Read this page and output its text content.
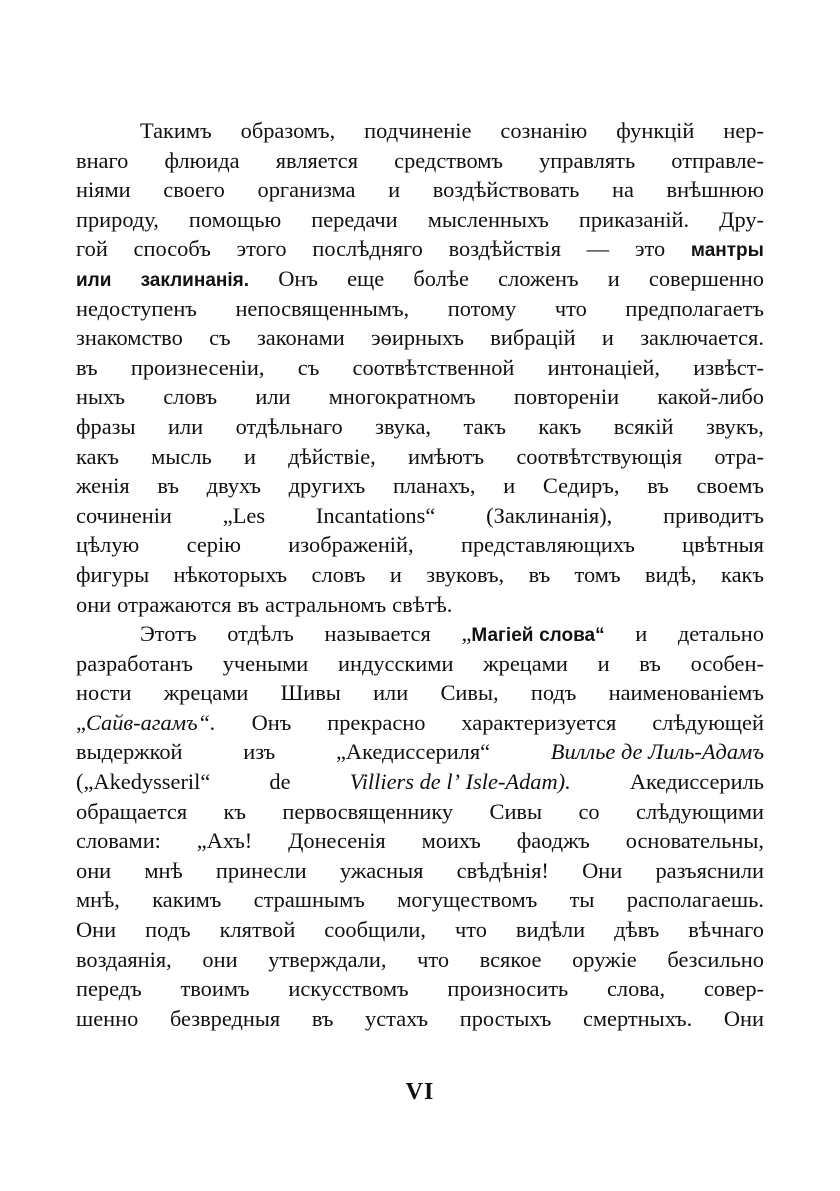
Такимъ образомъ, подчиненіе сознанію функцій нер-
внаго флюида является средствомъ управлять отправле-
ніями своего организма и воздѣйствовать на внѣшнюю
природу, помощью передачи мысленныхъ приказаній. Дру-
гой способъ этого послѣдняго воздѣйствія — это мантры
или заклинанія. Онъ еще болѣе сложенъ и совершенно
недоступенъ непосвященнымъ, потому что предполагаетъ
знакомство съ законами эѳирныхъ вибрацій и заключается.
въ произнесеніи, съ соотвѣтственной интонаціей, извѣст-
ныхъ словъ или многократномъ повтореніи какой-либо
фразы или отдѣльнаго звука, такъ какъ всякій звукъ,
какъ мысль и дѣйствіе, имѣютъ соотвѣтствующія отра-
женія въ двухъ другихъ планахъ, и Седиръ, въ своемъ
сочиненіи „Les Incantations“ (Заклинанія), приводитъ
цѣлую серію изображеній, представляющихъ цвѣтныя
фигуры нѣкоторыхъ словъ и звуковъ, въ томъ видѣ, какъ
они отражаются въ астральномъ свѣтѣ.
Этотъ отдѣлъ называется „Магіей слова“ и детально
разработанъ учеными индусскими жрецами и въ особен-
ности жрецами Шивы или Сивы, подъ наименованіемъ
„Сайв-агамъ“. Онъ прекрасно характеризуется слѣдующей
выдержкой	изъ	„Акедиссериля“	Виллье де Лиль-Адамъ
(„Akedysseril“	de	Villiers de l’ Isle-Adam).	Акедиссериль
обращается къ первосвященнику Сивы со слѣдующими
словами: „Ахъ! Донесенія моихъ фаоджъ основательны,
они мнѣ принесли ужасныя свѣдѣнія! Они разъяснили
мнѣ, какимъ страшнымъ могуществомъ ты располагаешь.
Они подъ клятвой сообщили, что видѣли дѣвъ вѣчнаго
воздаянія, они утверждали, что всякое оружіе безсильно
передъ твоимъ искусствомъ произносить слова, совер-
шенно безвредныя въ устахъ простыхъ смертныхъ. Они
VI
